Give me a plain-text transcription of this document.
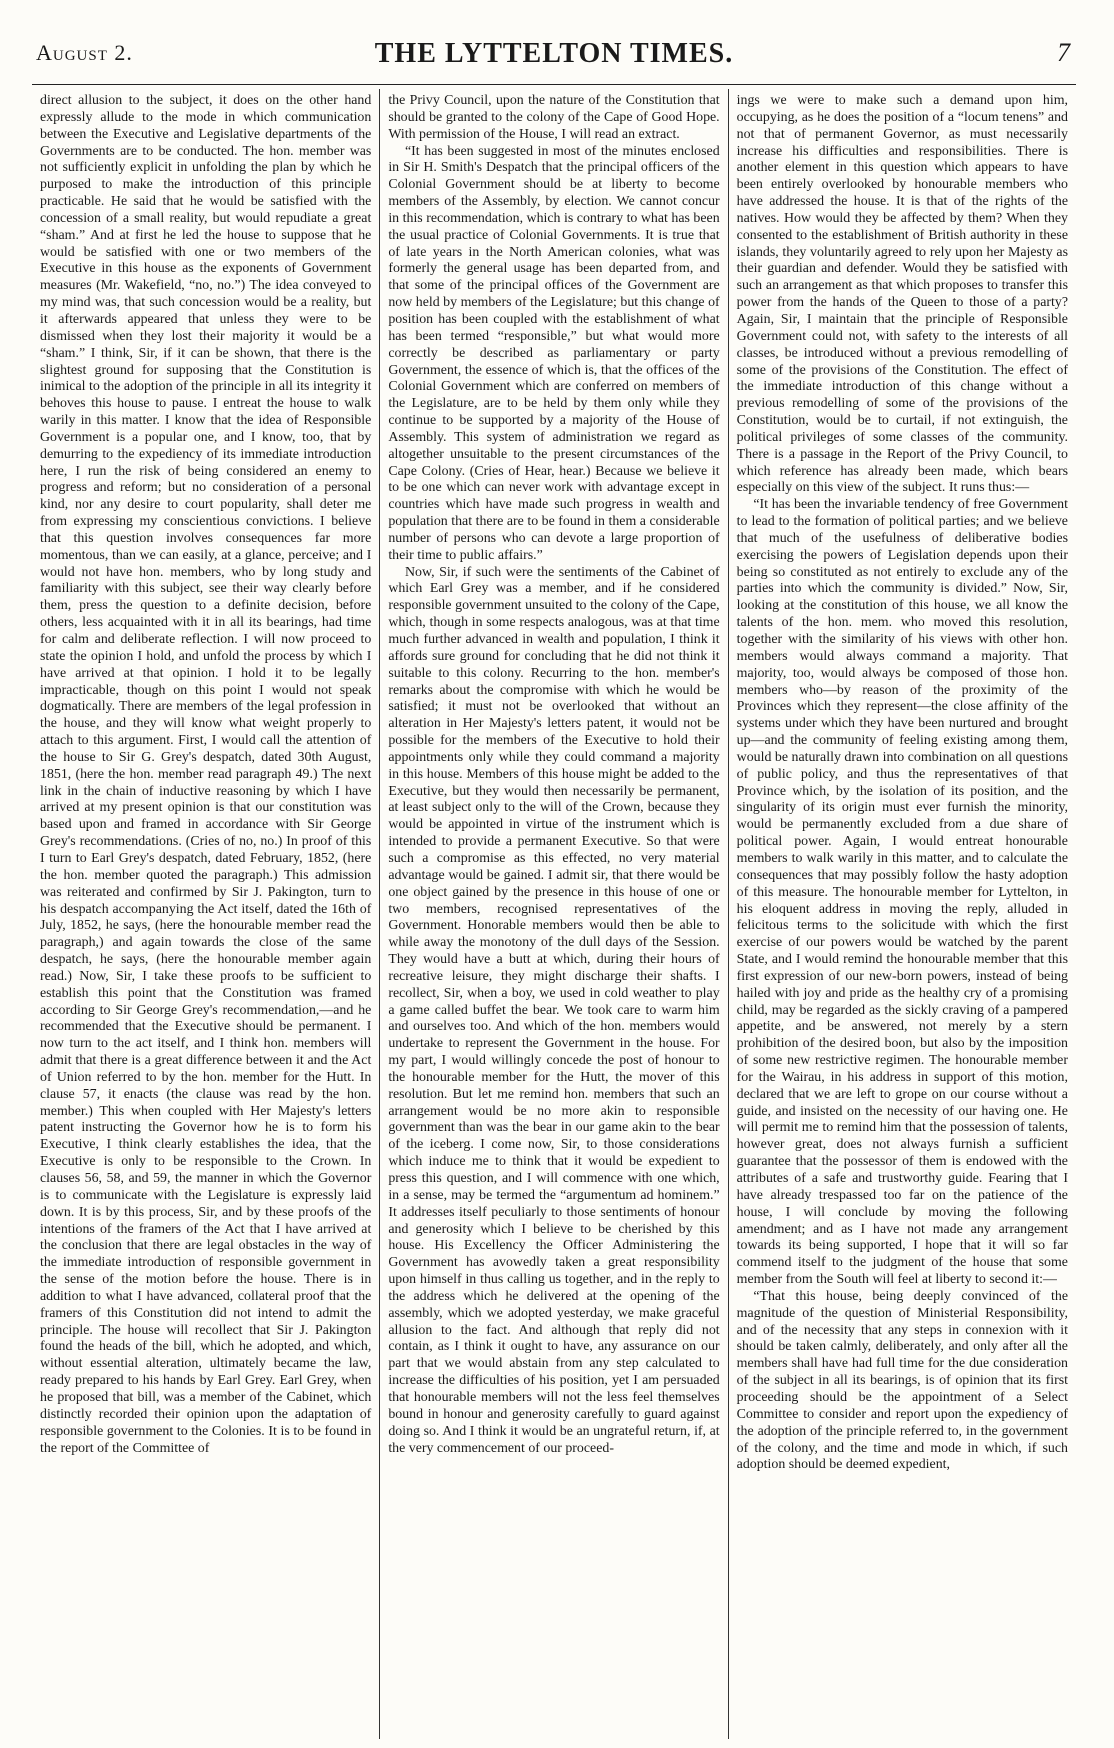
August 2.	THE LYTTELTON TIMES.	7

direct allusion to the subject, it does on the other hand expressly allude to the mode in which communication between the Executive and Legislative departments of the Governments are to be conducted. The hon. member was not sufficiently explicit in unfolding the plan by which he purposed to make the introduction of this principle practicable. He said that he would be satisfied with the concession of a small reality, but would repudiate a great “sham.” And at first he led the house to suppose that he would be satisfied with one or two members of the Executive in this house as the exponents of Government measures (Mr. Wakefield, “no, no.”) The idea conveyed to my mind was, that such concession would be a reality, but it afterwards appeared that unless they were to be dismissed when they lost their majority it would be a “sham.” I think, Sir, if it can be shown, that there is the slightest ground for supposing that the Constitution is inimical to the adoption of the principle in all its integrity it behoves this house to pause. I entreat the house to walk warily in this matter. I know that the idea of Responsible Government is a popular one, and I know, too, that by demurring to the expediency of its immediate introduction here, I run the risk of being considered an enemy to progress and reform; but no consideration of a personal kind, nor any desire to court popularity, shall deter me from expressing my conscientious convictions. I believe that this question involves consequences far more momentous, than we can easily, at a glance, perceive; and I would not have hon. members, who by long study and familiarity with this subject, see their way clearly before them, press the question to a definite decision, before others, less acquainted with it in all its bearings, had time for calm and deliberate reflection. I will now proceed to state the opinion I hold, and unfold the process by which I have arrived at that opinion. I hold it to be legally impracticable, though on this point I would not speak dogmatically. There are members of the legal profession in the house, and they will know what weight properly to attach to this argument. First, I would call the attention of the house to Sir G. Grey's despatch, dated 30th August, 1851, (here the hon. member read paragraph 49.) The next link in the chain of inductive reasoning by which I have arrived at my present opinion is that our constitution was based upon and framed in accordance with Sir George Grey's recommendations. (Cries of no, no.) In proof of this I turn to Earl Grey's despatch, dated February, 1852, (here the hon. member quoted the paragraph.) This admission was reiterated and confirmed by Sir J. Pakington, turn to his despatch accompanying the Act itself, dated the 16th of July, 1852, he says, (here the honourable member read the paragraph,) and again towards the close of the same despatch, he says, (here the honourable member again read.) Now, Sir, I take these proofs to be sufficient to establish this point that the Constitution was framed according to Sir George Grey's recommendation,—and he recommended that the Executive should be permanent. I now turn to the act itself, and I think hon. members will admit that there is a great difference between it and the Act of Union referred to by the hon. member for the Hutt. In clause 57, it enacts (the clause was read by the hon. member.) This when coupled with Her Majesty's letters patent instructing the Governor how he is to form his Executive, I think clearly establishes the idea, that the Executive is only to be responsible to the Crown. In clauses 56, 58, and 59, the manner in which the Governor is to communicate with the Legislature is expressly laid down. It is by this process, Sir, and by these proofs of the intentions of the framers of the Act that I have arrived at the conclusion that there are legal obstacles in the way of the immediate introduction of responsible government in the sense of the motion before the house. There is in addition to what I have advanced, collateral proof that the framers of this Constitution did not intend to admit the principle. The house will recollect that Sir J. Pakington found the heads of the bill, which he adopted, and which, without essential alteration, ultimately became the law, ready prepared to his hands by Earl Grey. Earl Grey, when he proposed that bill, was a member of the Cabinet, which distinctly recorded their opinion upon the adaptation of responsible government to the Colonies. It is to be found in the report of the Committee of

the Privy Council, upon the nature of the Constitution that should be granted to the colony of the Cape of Good Hope. With permission of the House, I will read an extract.

“It has been suggested in most of the minutes enclosed in Sir H. Smith's Despatch that the principal officers of the Colonial Government should be at liberty to become members of the Assembly, by election. We cannot concur in this recommendation, which is contrary to what has been the usual practice of Colonial Governments. It is true that of late years in the North American colonies, what was formerly the general usage has been departed from, and that some of the principal offices of the Government are now held by members of the Legislature; but this change of position has been coupled with the establishment of what has been termed “responsible,” but what would more correctly be described as parliamentary or party Government, the essence of which is, that the offices of the Colonial Government which are conferred on members of the Legislature, are to be held by them only while they continue to be supported by a majority of the House of Assembly. This system of administration we regard as altogether unsuitable to the present circumstances of the Cape Colony. (Cries of Hear, hear.) Because we believe it to be one which can never work with advantage except in countries which have made such progress in wealth and population that there are to be found in them a considerable number of persons who can devote a large proportion of their time to public affairs.”

Now, Sir, if such were the sentiments of the Cabinet of which Earl Grey was a member, and if he considered responsible government unsuited to the colony of the Cape, which, though in some respects analogous, was at that time much further advanced in wealth and population, I think it affords sure ground for concluding that he did not think it suitable to this colony. Recurring to the hon. member's remarks about the compromise with which he would be satisfied; it must not be overlooked that without an alteration in Her Majesty's letters patent, it would not be possible for the members of the Executive to hold their appointments only while they could command a majority in this house. Members of this house might be added to the Executive, but they would then necessarily be permanent, at least subject only to the will of the Crown, because they would be appointed in virtue of the instrument which is intended to provide a permanent Executive. So that were such a compromise as this effected, no very material advantage would be gained. I admit sir, that there would be one object gained by the presence in this house of one or two members, recognised representatives of the Government. Honorable members would then be able to while away the monotony of the dull days of the Session. They would have a butt at which, during their hours of recreative leisure, they might discharge their shafts. I recollect, Sir, when a boy, we used in cold weather to play a game called buffet the bear. We took care to warm him and ourselves too. And which of the hon. members would undertake to represent the Government in the house. For my part, I would willingly concede the post of honour to the honourable member for the Hutt, the mover of this resolution. But let me remind hon. members that such an arrangement would be no more akin to responsible government than was the bear in our game akin to the bear of the iceberg. I come now, Sir, to those considerations which induce me to think that it would be expedient to press this question, and I will commence with one which, in a sense, may be termed the “argumentum ad hominem.” It addresses itself peculiarly to those sentiments of honour and generosity which I believe to be cherished by this house. His Excellency the Officer Administering the Government has avowedly taken a great responsibility upon himself in thus calling us together, and in the reply to the address which he delivered at the opening of the assembly, which we adopted yesterday, we make graceful allusion to the fact. And although that reply did not contain, as I think it ought to have, any assurance on our part that we would abstain from any step calculated to increase the difficulties of his position, yet I am persuaded that honourable members will not the less feel themselves bound in honour and generosity carefully to guard against doing so. And I think it would be an ungrateful return, if, at the very commencement of our proceed-

ings we were to make such a demand upon him, occupying, as he does the position of a “locum tenens” and not that of permanent Governor, as must necessarily increase his difficulties and responsibilities. There is another element in this question which appears to have been entirely overlooked by honourable members who have addressed the house. It is that of the rights of the natives. How would they be affected by them? When they consented to the establishment of British authority in these islands, they voluntarily agreed to rely upon her Majesty as their guardian and defender. Would they be satisfied with such an arrangement as that which proposes to transfer this power from the hands of the Queen to those of a party? Again, Sir, I maintain that the principle of Responsible Government could not, with safety to the interests of all classes, be introduced without a previous remodelling of some of the provisions of the Constitution. The effect of the immediate introduction of this change without a previous remodelling of some of the provisions of the Constitution, would be to curtail, if not extinguish, the political privileges of some classes of the community. There is a passage in the Report of the Privy Council, to which reference has already been made, which bears especially on this view of the subject. It runs thus:—

“It has been the invariable tendency of free Government to lead to the formation of political parties; and we believe that much of the usefulness of deliberative bodies exercising the powers of Legislation depends upon their being so constituted as not entirely to exclude any of the parties into which the community is divided.” Now, Sir, looking at the constitution of this house, we all know the talents of the hon. mem. who moved this resolution, together with the similarity of his views with other hon. members would always command a majority. That majority, too, would always be composed of those hon. members who—by reason of the proximity of the Provinces which they represent—the close affinity of the systems under which they have been nurtured and brought up—and the community of feeling existing among them, would be naturally drawn into combination on all questions of public policy, and thus the representatives of that Province which, by the isolation of its position, and the singularity of its origin must ever furnish the minority, would be permanently excluded from a due share of political power. Again, I would entreat honourable members to walk warily in this matter, and to calculate the consequences that may possibly follow the hasty adoption of this measure. The honourable member for Lyttelton, in his eloquent address in moving the reply, alluded in felicitous terms to the solicitude with which the first exercise of our powers would be watched by the parent State, and I would remind the honourable member that this first expression of our new-born powers, instead of being hailed with joy and pride as the healthy cry of a promising child, may be regarded as the sickly craving of a pampered appetite, and be answered, not merely by a stern prohibition of the desired boon, but also by the imposition of some new restrictive regimen. The honourable member for the Wairau, in his address in support of this motion, declared that we are left to grope on our course without a guide, and insisted on the necessity of our having one. He will permit me to remind him that the possession of talents, however great, does not always furnish a sufficient guarantee that the possessor of them is endowed with the attributes of a safe and trustworthy guide. Fearing that I have already trespassed too far on the patience of the house, I will conclude by moving the following amendment; and as I have not made any arrangement towards its being supported, I hope that it will so far commend itself to the judgment of the house that some member from the South will feel at liberty to second it:—

“That this house, being deeply convinced of the magnitude of the question of Ministerial Responsibility, and of the necessity that any steps in connexion with it should be taken calmly, deliberately, and only after all the members shall have had full time for the due consideration of the subject in all its bearings, is of opinion that its first proceeding should be the appointment of a Select Committee to consider and report upon the expediency of the adoption of the principle referred to, in the government of the colony, and the time and mode in which, if such adoption should be deemed expedient,
